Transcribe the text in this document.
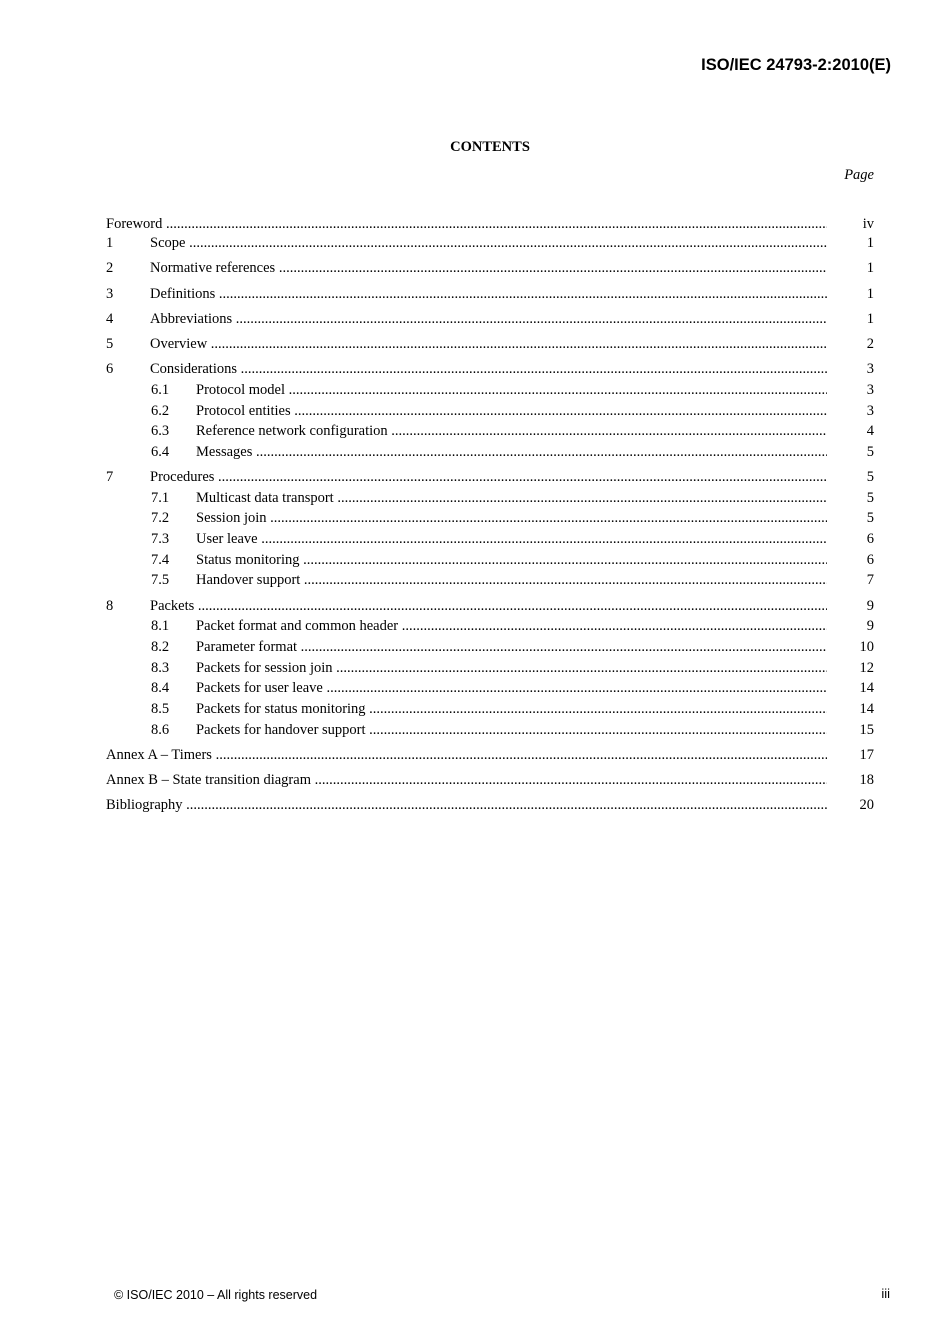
ISO/IEC 24793-2:2010(E)
CONTENTS
Page
Foreword .....	iv
1	Scope .....	1
2	Normative references .....	1
3	Definitions .....	1
4	Abbreviations .....	1
5	Overview .....	2
6	Considerations .....	3
6.1 Protocol model .....	3
6.2 Protocol entities .....	3
6.3 Reference network configuration .....	4
6.4 Messages .....	5
7	Procedures .....	5
7.1 Multicast data transport .....	5
7.2 Session join .....	5
7.3 User leave .....	6
7.4 Status monitoring .....	6
7.5 Handover support .....	7
8	Packets .....	9
8.1 Packet format and common header .....	9
8.2 Parameter format .....	10
8.3 Packets for session join .....	12
8.4 Packets for user leave .....	14
8.5 Packets for status monitoring .....	14
8.6 Packets for handover support .....	15
Annex A – Timers .....	17
Annex B – State transition diagram .....	18
Bibliography .....	20
© ISO/IEC 2010 – All rights reserved	iii
